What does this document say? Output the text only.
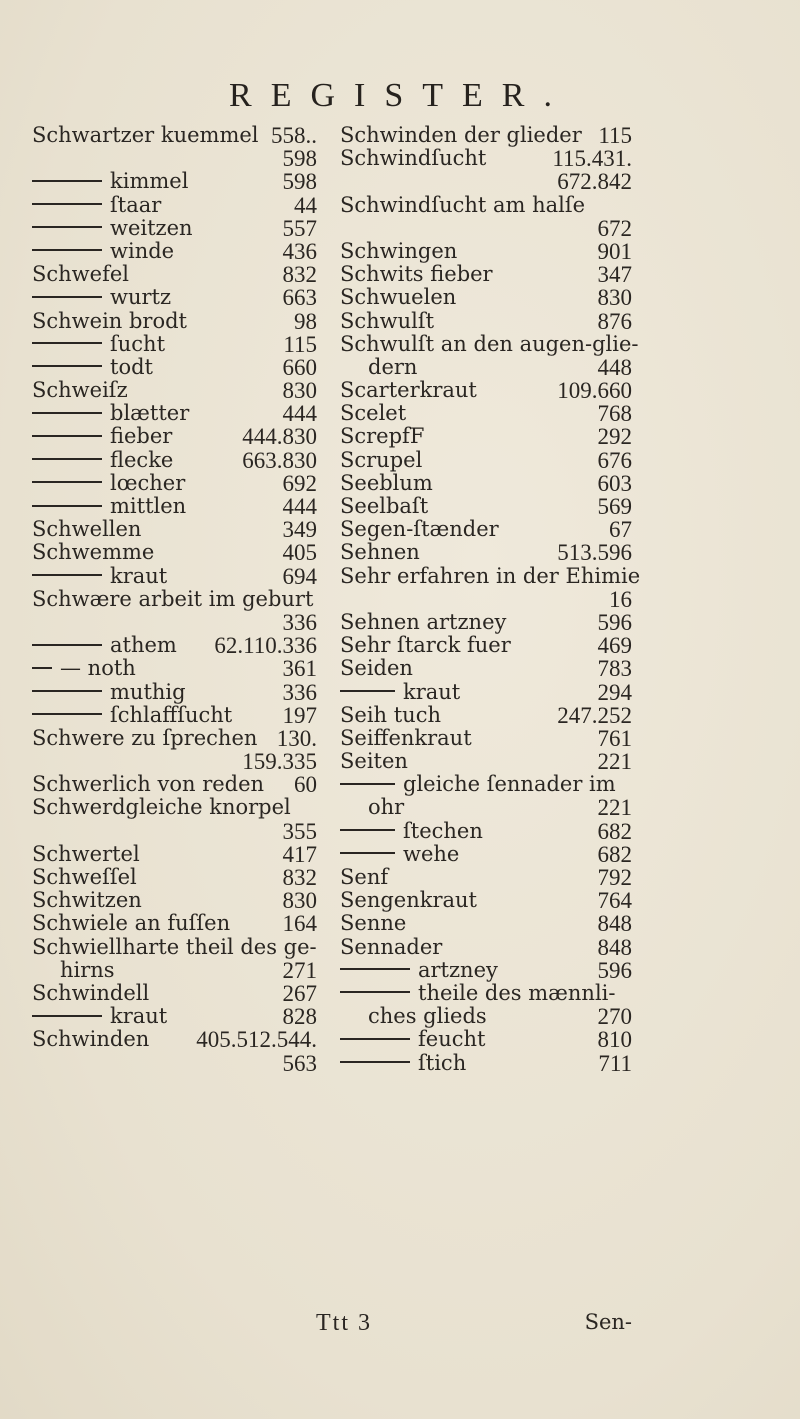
REGISTER.
Schwartzer kuemmel 558..
598
kimmel	598
ſtaar	44
weitzen	557
winde	436
Schwefel	832
wurtz	663
Schwein brodt	98
ſucht	115
todt	660
Schweiſz	830
blætter	444
fieber	444.830
flecke	663.830
lœcher	692
mittlen	444
Schwellen	349
Schwemme	405
kraut	694
Schwære arbeit im geburt
336
athem 62.110.336
— noth	361
muthig	336
ſchlaffſucht 197
Schwere zu ſprechen 130.
159.335
Schwerlich von reden 60
Schwerdgleiche knorpel
355
Schwertel	417
Schweſſel	832
Schwitzen	830
Schwiele an fuſſen 164
Schwiellharte theil des ge-
hirns	271
Schwindell	267
kraut	828
Schwinden 405.512.544.
563
Schwinden der glieder 115
Schwindſucht	115.431.
672.842
Schwindſucht am halſe
672
Schwingen	901
Schwits fieber	347
Schwuelen	830
Schwulſt	876
Schwulſt an den augen-glie-
dern	448
Scarterkraut	109.660
Scelet	768
ScrepfF	292
Scrupel	676
Seeblum	603
Seelbaſt	569
Segen-ſtænder	67
Sehnen	513.596
Sehr erfahren in der Ehimie
16
Sehnen artzney	596
Sehr ſtarck fuer	469
Seiden	783
kraut	294
Seih tuch	247.252
Seiffenkraut	761
Seiten	221
gleiche ſennader im
ohr	221
ſtechen	682
wehe	682
Senf	792
Sengenkraut	764
Senne	848
Sennader	848
artzney	596
theile des mænnli-
ches glieds	270
feucht	810
ſtich	711
Ttt 3	Sen-
